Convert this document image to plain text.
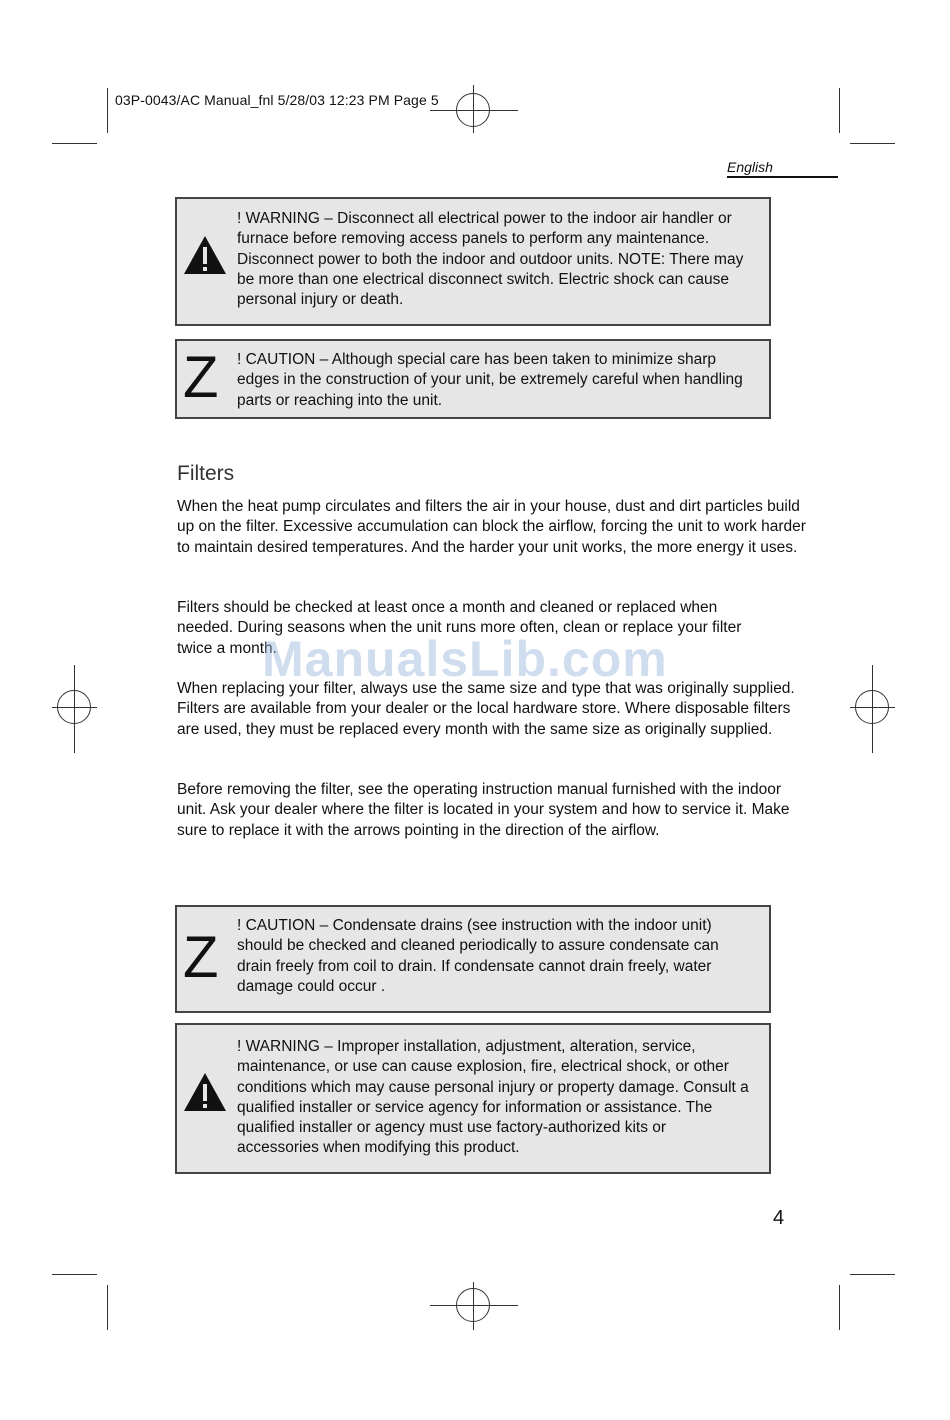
03P-0043/AC Manual_fnl 5/28/03 12:23 PM Page 5
English
! WARNING – Disconnect all electrical power to the indoor air handler or furnace before removing access panels to perform any maintenance. Disconnect power to both the indoor and outdoor units. NOTE: There may be more than one electrical disconnect switch. Electric shock can cause personal injury or death.
Z ! CAUTION – Although special care has been taken to minimize sharp edges in the construction of your unit, be extremely careful when handling parts or reaching into the unit.
Filters
When the heat pump circulates and filters the air in your house, dust and dirt particles build up on the filter. Excessive accumulation can block the airflow, forcing the unit to work harder to maintain desired temperatures. And the harder your unit works, the more energy it uses.
Filters should be checked at least once a month and cleaned or replaced when needed. During seasons when the unit runs more often, clean or replace your filter twice a month.
When replacing your filter, always use the same size and type that was originally supplied. Filters are available from your dealer or the local hardware store. Where disposable filters are used, they must be replaced every month with the same size as originally supplied.
Before removing the filter, see the operating instruction manual furnished with the indoor unit. Ask your dealer where the filter is located in your system and how to service it. Make sure to replace it with the arrows pointing in the direction of the airflow.
ManualsLib.com
Z ! CAUTION – Condensate drains (see instruction with the indoor unit) should be checked and cleaned periodically to assure condensate can drain freely from coil to drain. If condensate cannot drain freely, water damage could occur .
! WARNING – Improper installation, adjustment, alteration, service, maintenance, or use can cause explosion, fire, electrical shock, or other conditions which may cause personal injury or property damage. Consult a qualified installer or service agency for information or assistance. The qualified installer or agency must use factory-authorized kits or accessories when modifying this product.
4
